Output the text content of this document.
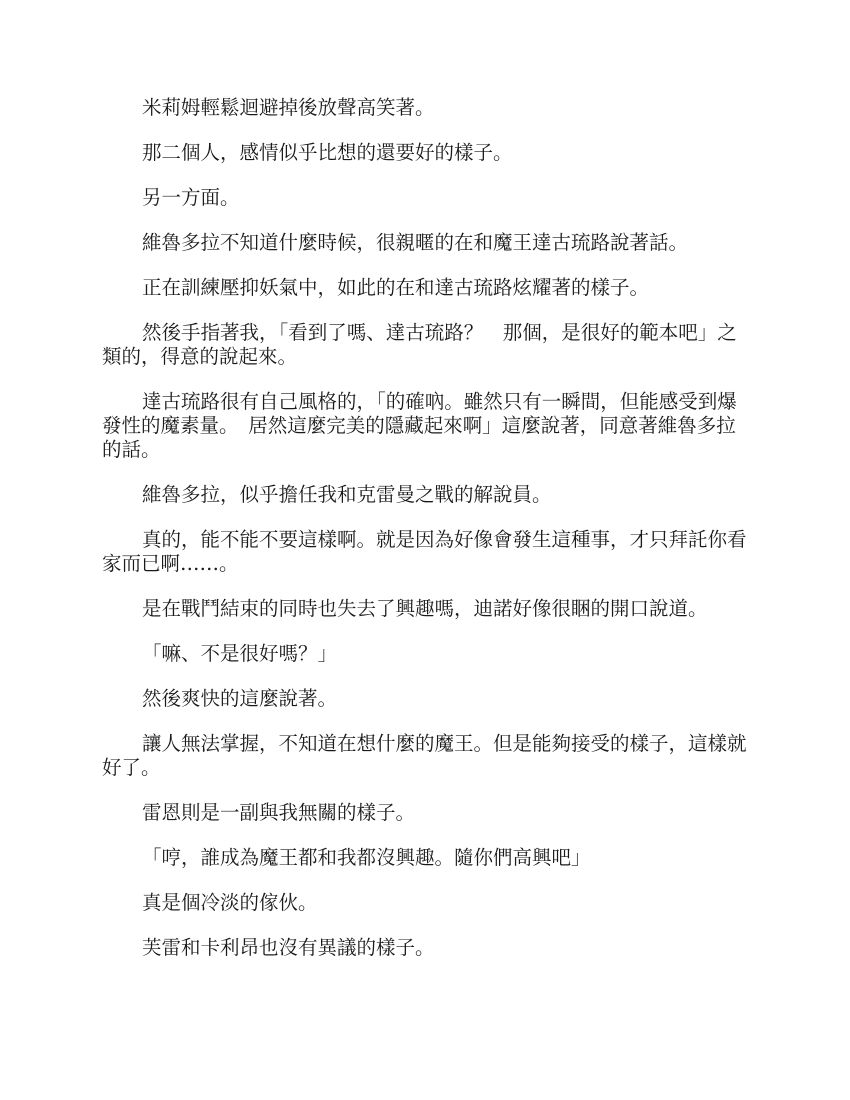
米莉姆輕鬆迴避掉後放聲高笑著。

那二個人，感情似乎比想的還要好的樣子。

另一方面。

維魯多拉不知道什麼時候，很親暱的在和魔王達古琉路說著話。

正在訓練壓抑妖氣中，如此的在和達古琉路炫耀著的樣子。

然後手指著我，「看到了嗎、達古琉路？　那個，是很好的範本吧」之類的，得意的說起來。

達古琉路很有自己風格的，「的確吶。雖然只有一瞬間，但能感受到爆發性的魔素量。　居然這麼完美的隱藏起來啊」這麼說著，同意著維魯多拉的話。

維魯多拉，似乎擔任我和克雷曼之戰的解說員。

真的，能不能不要這樣啊。就是因為好像會發生這種事，才只拜託你看家而已啊……。

是在戰鬥結束的同時也失去了興趣嗎，迪諾好像很睏的開口說道。

「嘛、不是很好嗎？」

然後爽快的這麼說著。

讓人無法掌握，不知道在想什麼的魔王。但是能夠接受的樣子，這樣就好了。

雷恩則是一副與我無關的樣子。

「哼，誰成為魔王都和我都沒興趣。隨你們高興吧」

真是個冷淡的傢伙。

芙雷和卡利昂也沒有異議的樣子。
